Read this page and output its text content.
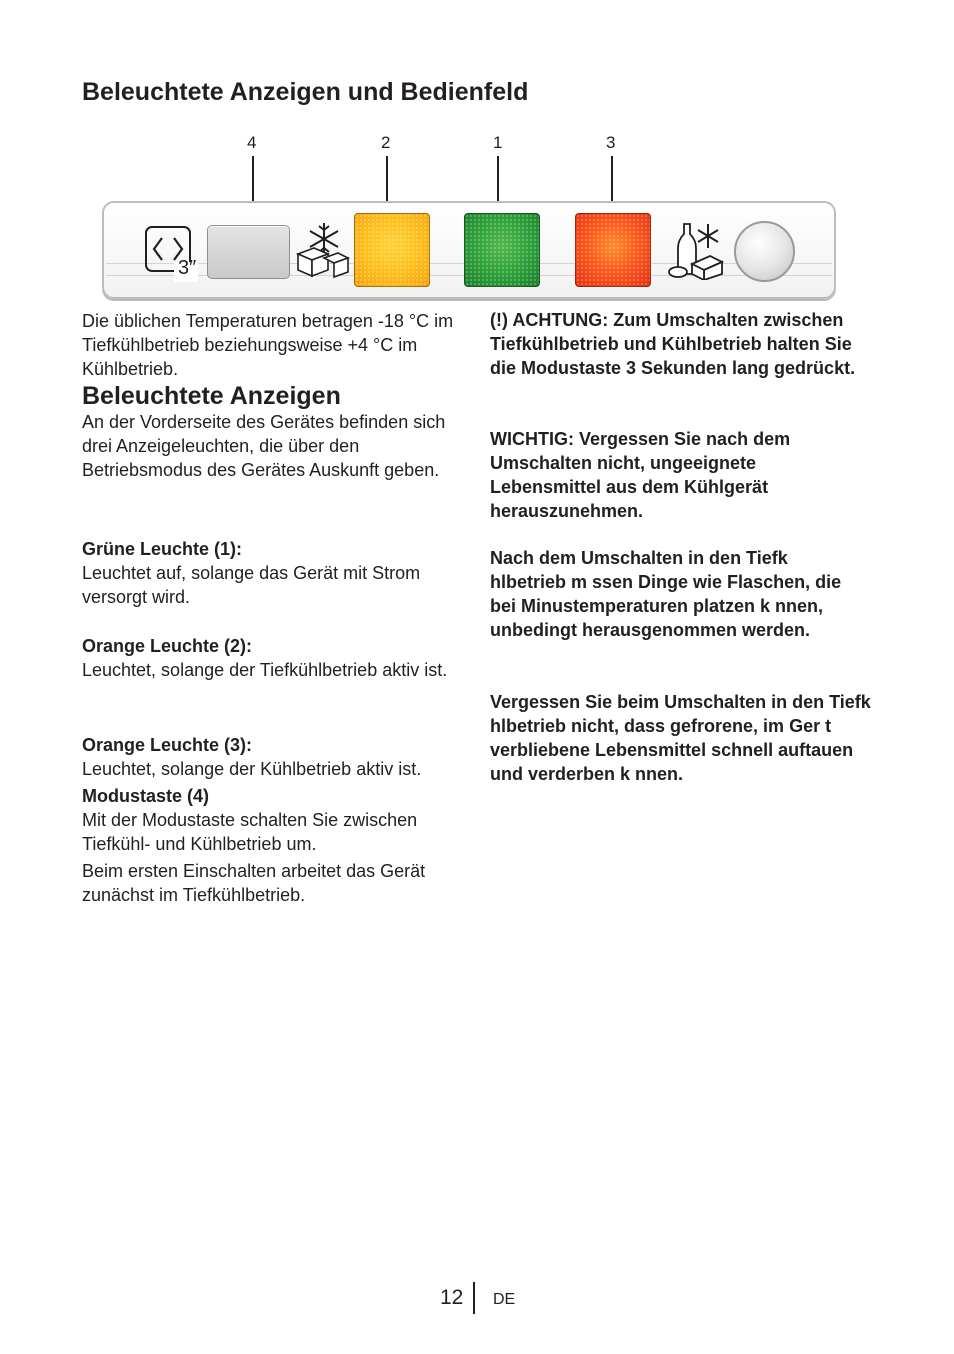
Beleuchtete Anzeigen und Bedienfeld
4	2	1	3
3″

Die üblichen Temperaturen betragen -18 °C im Tiefkühlbetrieb beziehungsweise +4 °C im Kühlbetrieb.

Beleuchtete Anzeigen

An der Vorderseite des Gerätes befinden sich drei Anzeigeleuchten, die über den Betriebsmodus des Gerätes Auskunft geben.

Grüne Leuchte (1):

Leuchtet auf, solange das Gerät mit Strom versorgt wird.

Orange Leuchte (2):

Leuchtet, solange der Tiefkühlbetrieb aktiv ist.

Orange Leuchte (3):

Leuchtet, solange der Kühlbetrieb aktiv ist.

Modustaste (4)

Mit der Modustaste schalten Sie zwischen Tiefkühl- und Kühlbetrieb um.

Beim ersten Einschalten arbeitet das Gerät zunächst im Tiefkühlbetrieb.

(!) ACHTUNG: Zum Umschalten zwischen Tiefkühlbetrieb und Kühlbetrieb halten Sie die Modustaste 3 Sekunden lang gedrückt.

WICHTIG: Vergessen Sie nach dem Umschalten nicht, ungeeignete Lebensmittel aus dem Kühlgerät herauszunehmen.

Nach dem Umschalten in den Tiefk hlbetrieb m ssen Dinge wie Flaschen, die bei Minustemperaturen platzen k nnen, unbedingt herausgenommen werden.

Vergessen Sie beim Umschalten in den Tiefk hlbetrieb nicht, dass gefrorene, im Ger t verbliebene Lebensmittel schnell auftauen und verderben k nnen.

12 DE
